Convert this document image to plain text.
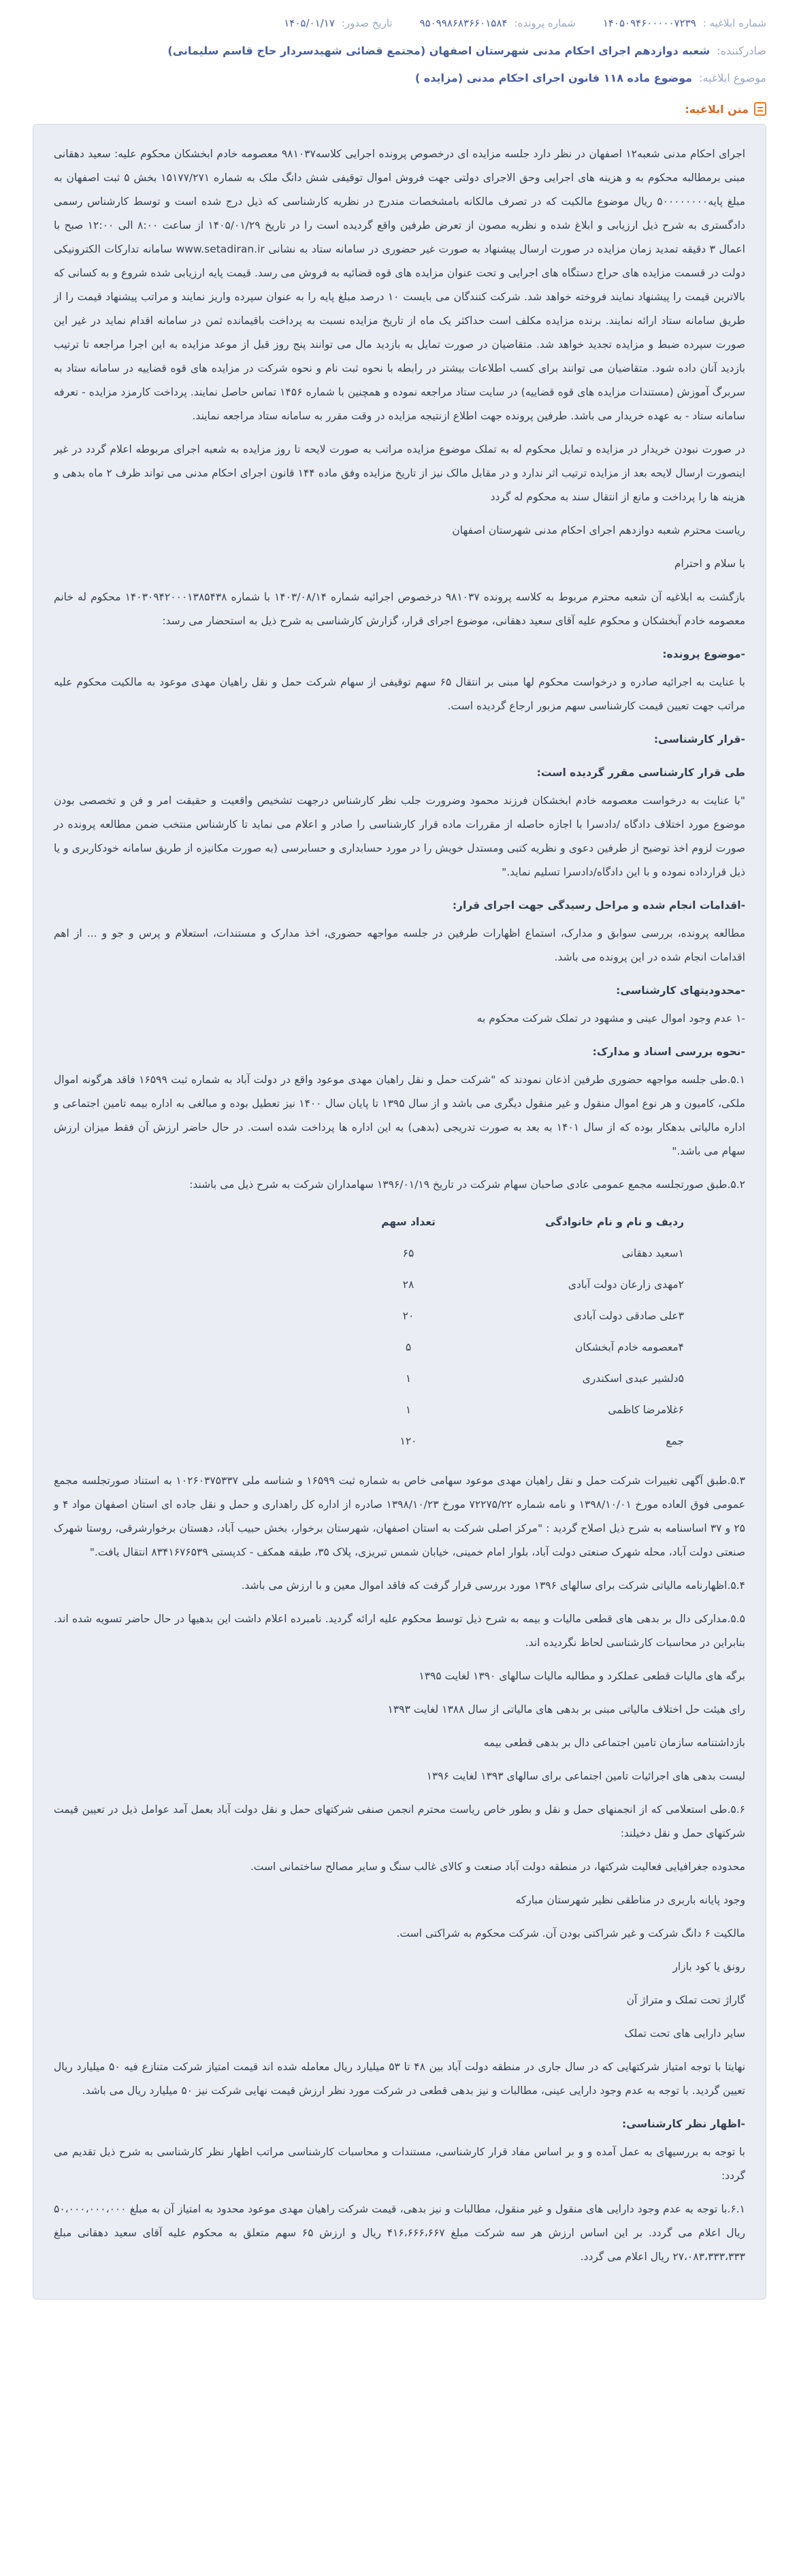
شماره ابلاغیه :
۱۴۰۵۰۹۴۶۰۰۰۰۰۷۲۳۹
شماره پرونده:
۹۵۰۹۹۸۶۸۳۶۶۰۱۵۸۴
تاریخ صدور:
۱۴۰۵/۰۱/۱۷
صادرکننده:
شعبه دوازدهم اجرای احکام مدنی شهرستان اصفهان (مجتمع قضائی شهیدسردار حاج قاسم سلیمانی)
موضوع ابلاغیه:
موضوع ماده ۱۱۸ قانون اجرای احکام مدنی (مزایده )
متن ابلاغیه:

اجرای احکام مدنی شعبه۱۲ اصفهان در نظر دارد جلسه مزایده ای درخصوص پرونده اجرایی کلاسه۹۸۱۰۳۷ معصومه خادم ابخشکان محکوم علیه: سعید دهقانی مبنی برمطالبه محکوم به و هزینه های اجرایی وحق الاجرای دولتی جهت فروش اموال توقیفی شش دانگ ملک به شماره ۱۵۱۷۷/۲۷۱ بخش ۵ ثبت اصفهان به مبلغ پایه۵۰۰۰۰۰۰۰۰ ریال موضوع مالکیت که در تصرف مالکانه بامشخصات مندرج در نظریه کارشناسی که ذیل درج شده است و توسط کارشناس رسمی دادگستری به شرح ذیل ارزیابی و ابلاغ شده و نظریه مصون از تعرض طرفین واقع گردیده است را در تاریخ ۱۴۰۵/۰۱/۲۹ از ساعت ۸:۰۰ الی ۱۲:۰۰ صبح با اعمال ۳ دقیقه تمدید زمان مزایده در صورت ارسال پیشنهاد به صورت غیر حضوری در سامانه ستاد به نشانی www.setadiran.ir سامانه تدارکات الکترونیکی دولت در قسمت مزایده های حراج دستگاه های اجرایی و تحت عنوان مزایده های قوه قضائیه به فروش می رسد. قیمت پایه ارزیابی شده شروع و به کسانی که بالاترین قیمت را پیشنهاد نمایند فروخته خواهد شد. شرکت کنندگان می بایست ۱۰ درصد مبلغ پایه را به عنوان سپرده واریز نمایند و مراتب پیشنهاد قیمت را از طریق سامانه ستاد ارائه نمایند. برنده مزایده مکلف است حداکثر یک ماه از تاریخ مزایده نسبت به پرداخت باقیمانده ثمن در سامانه اقدام نماید در غیر این صورت سپرده ضبط و مزایده تجدید خواهد شد. متقاضیان در صورت تمایل به بازدید مال می توانند پنج روز قبل از موعد مزایده به این اجرا مراجعه تا ترتیب بازدید آنان داده شود. متقاضیان می توانند برای کسب اطلاعات بیشتر در رابطه با نحوه ثبت نام و نحوه شرکت در مزایده های قوه قضاییه در سامانه ستاد به سربرگ آموزش (مستندات مزایده های قوه قضاییه) در سایت ستاد مراجعه نموده و همچنین با شماره ۱۴۵۶ تماس حاصل نمایند. پرداخت کارمزد مزایده - تعرفه سامانه ستاد - به عهده خریدار می باشد. طرفین پرونده جهت اطلاع ازنتیجه مزایده در وقت مقرر به سامانه ستاد مراجعه نمایند.

در صورت نبودن خریدار در مزایده و تمایل محکوم له به تملک موضوع مزایده مراتب به صورت لایحه تا روز مزایده به شعبه اجرای مربوطه اعلام گردد در غیر اینصورت ارسال لایحه بعد از مزایده ترتیب اثر ندارد و در مقابل مالک نیز از تاریخ مزایده وفق ماده ۱۴۴ قانون اجرای احکام مدنی می تواند ظرف ۲ ماه بدهی و هزینه ها را پرداخت و مانع از انتقال سند به محکوم له گردد

ریاست محترم شعبه دوازدهم اجرای احکام مدنی شهرستان اصفهان

با سلام و احترام

بازگشت به ابلاغیه آن شعبه محترم مربوط به کلاسه پرونده ۹۸۱۰۳۷ درخصوص اجرائیه شماره ۱۴۰۳/۰۸/۱۴ با شماره ۱۴۰۳۰۹۴۲۰۰۰۱۳۸۵۴۳۸ محکوم له خانم معصومه خادم آبخشکان و محکوم علیه آقای سعید دهقانی، موضوع اجرای قرار، گزارش کارشناسی به شرح ذیل به استحضار می رسد:

-موضوع پرونده:

با عنایت به اجرائیه صادره و درخواست محکوم لها مبنی بر انتقال ۶۵ سهم توقیفی از سهام شرکت حمل و نقل راهیان مهدی موعود به مالکیت محکوم علیه مراتب جهت تعیین قیمت کارشناسی سهم مزبور ارجاع گردیده است.

-قرار کارشناسی:
طی قرار کارشناسی مقرر گردیده است:

"با عنایت به درخواست معصومه خادم ابخشکان فرزند محمود وضرورت جلب نظر کارشناس درجهت تشخیص واقعیت و حقیقت امر و فن و تخصصی بودن موضوع مورد اختلاف دادگاه /دادسرا با اجازه حاصله از مقررات ماده قرار کارشناسی را صادر و اعلام می نماید تا کارشناس منتخب ضمن مطالعه پرونده در صورت لزوم اخذ توضیح از طرفین دعوی و نظریه کتبی ومستدل خویش را در مورد حسابداری و حسابرسی (به صورت مکانیزه از طریق سامانه خودکاربری و یا ذیل قرارداده نموده و با این دادگاه/دادسرا تسلیم نماید."

-اقدامات انجام شده و مراحل رسیدگی جهت اجرای قرار:

مطالعه پرونده، بررسی سوابق و مدارک، استماع اظهارات طرفین در جلسه مواجهه حضوری، اخذ مدارک و مستندات، استعلام و پرس و جو و ... از اهم اقدامات انجام شده در این پرونده می باشد.

-محدودیتهای کارشناسی:

-۱ عدم وجود اموال عینی و مشهود در تملک شرکت محکوم به

-نحوه بررسی اسناد و مدارک:

۵.۱.طی جلسه مواجهه حضوری طرفین اذعان نمودند که "شرکت حمل و نقل راهیان مهدی موعود واقع در دولت آباد به شماره ثبت ۱۶۵۹۹ فاقد هرگونه اموال ملکی، کامیون و هر نوع اموال منقول و غیر منقول دیگری می باشد و از سال ۱۳۹۵ تا پایان سال ۱۴۰۰ نیز تعطیل بوده و مبالغی به اداره بیمه تامین اجتماعی و اداره مالیاتی بدهکار بوده که از سال ۱۴۰۱ به بعد به صورت تدریجی (بدهی) به این اداره ها پرداخت شده است. در حال حاضر ارزش آن فقط میزان ارزش سهام می باشد."

۵.۲.طبق صورتجلسه مجمع عمومی عادی صاحبان سهام شرکت در تاریخ ۱۳۹۶/۰۱/۱۹ سهامداران شرکت به شرح ذیل می باشند:

ردیف و نام و نام خانوادگی	تعداد سهم
۱سعید دهقانی	۶۵
۲مهدی زارعان دولت آبادی	۲۸
۳علی صادقی دولت آبادی	۲۰
۴معصومه خادم آبخشکان	۵
۵دلشیر عبدی اسکندری	۱
۶غلامرضا کاظمی	۱
جمع	۱۲۰

۵.۳.طبق آگهی تغییرات شرکت حمل و نقل راهیان مهدی موعود سهامی خاص به شماره ثبت ۱۶۵۹۹ و شناسه ملی ۱۰۲۶۰۳۷۵۳۳۷ به استناد صورتجلسه مجمع عمومی فوق العاده مورخ ۱۳۹۸/۱۰/۰۱ و نامه شماره ۷۲۲۷۵/۲۲ مورخ ۱۳۹۸/۱۰/۲۳ صادره از اداره کل راهداری و حمل و نقل جاده ای استان اصفهان مواد ۴ و ۲۵ و ۳۷ اساسنامه به شرح ذیل اصلاح گردید : "مرکز اصلی شرکت به استان اصفهان، شهرستان برخوار، بخش حبیب آباد، دهستان برخوارشرقی، روستا شهرک صنعتی دولت آباد، محله شهرک صنعتی دولت آباد، بلوار امام خمینی، خیابان شمس تبریزی، پلاک ۳۵، طبقه همکف - کدپستی ۸۳۴۱۶۷۶۵۳۹ انتقال یافت."

۵.۴.اظهارنامه مالیاتی شرکت برای سالهای ۱۳۹۶ مورد بررسی قرار گرفت که فاقد اموال معین و با ارزش می باشد.

۵.۵.مدارکی دال بر بدهی های قطعی مالیات و بیمه به شرح ذیل توسط محکوم علیه ارائه گردید. نامبرده اعلام داشت این بدهیها در حال حاضر تسویه شده اند. بنابراین در محاسبات کارشناسی لحاظ نگردیده اند.

برگه های مالیات قطعی عملکرد و مطالبه مالیات سالهای ۱۳۹۰ لغایت ۱۳۹۵

رای هیئت حل اختلاف مالیاتی مبنی بر بدهی های مالیاتی از سال ۱۳۸۸ لغایت ۱۳۹۳

بازداشتنامه سازمان تامین اجتماعی دال بر بدهی قطعی بیمه

لیست بدهی های اجرائیات تامین اجتماعی برای سالهای ۱۳۹۳ لغایت ۱۳۹۶

۵.۶.طی استعلامی که از انجمنهای حمل و نقل و بطور خاص ریاست محترم انجمن صنفی شرکتهای حمل و نقل دولت آباد بعمل آمد عوامل ذیل در تعیین قیمت شرکتهای حمل و نقل دخیلند:

محدوده جغرافیایی فعالیت شرکتها، در منطقه دولت آباد صنعت و کالای غالب سنگ و سایر مصالح ساختمانی است.

وجود پایانه باربری در مناطقی نظیر شهرستان مبارکه

مالکیت ۶ دانگ شرکت و غیر شراکتی بودن آن. شرکت محکوم به شراکتی است.

رونق یا کود بازار

گاراژ تحت تملک و متراژ آن

سایر دارایی های تحت تملک

نهایتا با توجه امتیاز شرکتهایی که در سال جاری در منطقه دولت آباد بین ۴۸ تا ۵۳ میلیارد ریال معامله شده اند قیمت امتیاز شرکت متنازع فیه ۵۰ میلیارد ریال تعیین گردید. با توجه به عدم وجود دارایی عینی، مطالبات و نیز بدهی قطعی در شرکت مورد نظر ارزش قیمت نهایی شرکت نیز ۵۰ میلیارد ریال می باشد.

-اظهار نظر کارشناسی:

با توجه به بررسیهای به عمل آمده و و بر اساس مفاد قرار کارشناسی، مستندات و محاسبات کارشناسی مراتب اظهار نظر کارشناسی به شرح ذیل تقدیم می گردد:

۶.۱.با توجه به عدم وجود دارایی های منقول و غیر منقول، مطالبات و نیز بدهی، قیمت شرکت راهیان مهدی موعود محدود به امتیاز آن به مبلغ ۵۰،۰۰۰،۰۰۰،۰۰۰ ریال اعلام می گردد. بر این اساس ارزش هر سه شرکت مبلغ ۴۱۶،۶۶۶،۶۶۷ ریال و ارزش ۶۵ سهم متعلق به محکوم علیه آقای سعید دهقانی مبلغ ۲۷،۰۸۳،۳۳۳،۳۳۳ ریال اعلام می گردد.
